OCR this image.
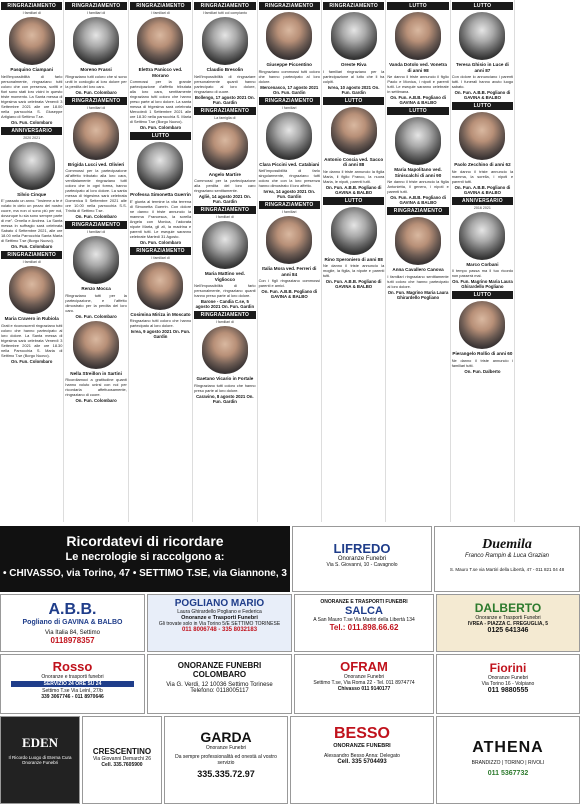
RINGRAZIAMENTO
I familiari di
Pasquino Ciampani
Nell'impossibilità di farlo personalmente, ringraziano tutti coloro che con presenza, scritti e fiori sono stati loro vicini in questo triste momento. La Santa messa di trigesima sarà celebrata Venerdì 3 Settembre 2021 alle ore 18.00 nella parrocchia S. Giuseppe Artigiano di Settimo T.se.
On. Fun. Colombaro
ANNIVERSARIO
2020 2021
Silvio Cinque
E' passato un anno. "Insieme a te è volato in cielo un pezzo del nostro cuore, ma non ci sono più per noi, dovunque tu sia sono sempre parte di me". Ornella e Andrea. La Santa messa in suffragio sarà celebrata Sabato 4 Settembre 2021, alle ore 18.00 nella Parrocchia Santa Maria di Settimo T.se (Borgo Nuovo).
On. Fun. Colombaro
RINGRAZIAMENTO
I familiari di
Maria Cravero in Rubiola
Grati e riconoscenti ringraziano tutti coloro che hanno partecipato al loro dolore. La Santa messa di trigesima sarà celebrata Venerdì 3 Settembre 2021 alle ore 18.30 nella Parrocchia S. Maria di Settimo T.se (Borgo Nuovo).
On. Fun. Colombaro
RINGRAZIAMENTO
I familiari di
Moreno Frassi
Ringraziano tutti coloro che si sono uniti in cordoglio al loro dolore per la perdita del loro caro.
On. Fun. Colombaro
RINGRAZIAMENTO
I familiari di
Brigida Lucci ved. Olivieri
Commossi per la partecipazione all'affetto tributato alla loro cara, ventilatamente ringraziano tutti coloro che in ogni forma, hanno partecipato al loro dolore. La santa messa di trigesima sarà celebrata Domenica 5 Settembre 2021 alle ore 10.00 nella parrocchia S.S. Trinità di Settimo T.se.
On. Fun. Colombaro
RINGRAZIAMENTO
I familiari di
Renzo Mocca
Ringraziano tutti per la partecipazione, e l'affetto dimostrato per la perdita del loro caro.
On. Fun. Colombaro
Nella Streillon in Sartini
Ricordiamoci a gratitudine quanti hanno voluto unirsi con noi per ricordarla affettuosamente, ringraziano di cuore.
On. Fun. Colombaro
RINGRAZIAMENTO
I familiari di
Elettra Panicco ved. Morano
Commossi per la grande partecipazione d'affetto tributata alla loro cara, sentitamente ringraziano tutti coloro che hanno preso parte al loro dolore. La santa messa di trigesima sarà celebrata Mercoledì 1 Settembre 2021 alle ore 18.30 nella parrocchia S. Maria di Settimo T.se (Borgo Nuovo).
On. Fun. Colombaro
LUTTO
Professa Simonetta Guerrin
E' giunta al termine la vita terrena di Simonetta Guerrin. Con dolore ne danno il triste annuncio la mamma Francesca, la sorella Angela con Monica, l'adorata nipote Marta, gli zii, la madrina e parenti tutti. Le esequie saranno celebrate Martedì 31 Agosto.
On. Fun. Colombaro
RINGRAZIAMENTO
I familiari di
Cosimina Miriza in Moscato
Ringraziano tutti coloro che hanno partecipato al loro dolore.
Ivrea, 9 agosto 2021 On. Fun. Gardin
RINGRAZIAMENTO
I familiari tutti col compianto
Claudio Bresolin
Nell'impossibilità di ringraziare personalmente quanti hanno partecipato al loro dolore, ringraziano di cuore.
Bollengo, 17 agosto 2021 On. Fun. Gardin
RINGRAZIAMENTO
La famiglia di
Angelo Martire
Commossi per la partecipazione alla perdita del loro caro ringraziano sentitamente.
Agliè, 14 agosto 2021 On. Fun. Gardin
RINGRAZIAMENTO
I familiari di
Maria Mattino ved. Vigliocco
Nell'impossibilità di farlo personalmente, ringraziano quanti hanno preso parte al loro dolore.
Barone - Candia C.se, 5 agosto 2021 On. Fun. Gardin
RINGRAZIAMENTO
I familiari di
Gaetano Vicario in Fortale
Ringraziano tutti coloro che hanno preso parte al loro dolore.
Caravino, 8 agosto 2021 On. Fun. Gardin
RINGRAZIAMENTO
Giuseppe Piccentino
Ringraziano commossi tutti coloro che hanno partecipato al loro dolore.
Mercenasco, 17 agosto 2021 On. Fun. Gardin
RINGRAZIAMENTO
I familiari
Clara Piccini ved. Catabiani
Nell'impossibilità di farlo singolarmente, ringraziano tutti coloro che con la loro presenza hanno dimostrato il loro affetto.
Ivrea, 14 agosto 2021 On. Fun. Gardin
RINGRAZIAMENTO
I familiari
Italia Mora ved. Ferreri di anni 84
Con i figli ringraziano commossi parenti e amici.
On. Fun. A.B.B. Pogliano di GAVINA & BALBO
RINGRAZIAMENTO
Oreste Riva
I familiari ringraziano per la partecipazione al lutto che li ha colpiti.
Ivrea, 10 agosto 2021 On. Fun. Gardin
LUTTO
Antonio Coscia ved. Sacco di anni 88
Ne danno il triste annuncio la figlia Maria, il figlio Franco, la nuora Maria, le nipoti, parenti tutti.
On. Fun. A.B.B. Pogliano di GAVINA & BALBO
LUTTO
Rino Speroniero di anni 88
Ne danno il triste annuncio la moglie, la figlia, la nipote e parenti tutti.
On. Fun. A.B.B. Pogliano di GAVINA & BALBO
LUTTO
Vanda Dotolo ved. Vonetra di anni 98
Ne danno il triste annuncio il figlio Paolo e Monica, i nipoti e parenti tutti. Le esequie saranno celebrate in settimana.
On. Fun. A.B.B. Pogliano di GAVINA & BALBO
LUTTO
Maria Napolitano ved. Siniscalchi di anni 90
Ne danno il triste annuncio la figlia Antonietta, il genero, i nipoti e parenti tutti.
On. Fun. A.B.B. Pogliano di GAVINA & BALBO
RINGRAZIAMENTO
Anna Cavallero Canova
I familiari ringraziano sentitamente tutti coloro che hanno partecipato al loro dolore.
On. Fun. Magrino Maria Laura Ghirardello Pogliano
LUTTO
Teresa Ghisio in Luce di anni 87
Con dolore lo annunciano i parenti tutti. I funerali hanno avuto luogo sabato.
On. Fun. A.B.B. Pogliano di GAVINA & BALBO
LUTTO
Paolo Zecchino di anni 62
Ne danno il triste annuncio la mamma, la sorella, i nipoti e parenti tutti.
On. Fun. A.B.B. Pogliano di GAVINA & BALBO
ANNIVERSARIO
2016 2021
Marco Corbani
Il tempo passa ma il tuo ricordo non passerà mai.
On. Fun. Magrino Maria Laura Ghirardello Pogliano
LUTTO
Pierangelo Rollio di anni 60
Ne danno il triste annuncio i familiari tutti.
On. Fun. Dalberto
Ricordatevi di ricordare
Le necrologie si raccolgono a:
• CHIVASSO, via Torino, 47 • SETTIMO T.SE, via Giannone, 3
LIFREDO
Onoranze Funebri
Via S. Giovanni, 10 - Cavagnolo
Duemila
Franco Rampin & Luca Grazian
S. Mauro T.se via Martiri della Libertà, 47 - 011 821 04 48
A.B.B.
Pogliano di GAVINA & BALBO
Via Italia 84, Settimo
0118978357
POGLIANO MARIO
Laura Ghirardello Pogliano e Federica
Onoranze e Trasporti Funebri
Gli trovate solo in Via Torino 5/E SETTIMO TORINESE
011 8006748 - 335 8032183
ONORANZE E TRASPORTI FUNEBRI
SALCA
A San Mauro T.se Via Martiri della Libertà 134
Tel.: 011.898.66.62
DALBERTO
Onoranze e Trasporti Funebri
IVREA - PIAZZA C. FREGUGLIA, 5
0125 641346
Rosso
Onoranze e trasporti funebri
SERVIZIO 24 ORE SU 24
Settimo T.se Via Leinì, 27/b
339 3067746 - 011 8970646
ONORANZE FUNEBRI COLOMBARO
Via G. Verdi, 12 10036 Settimo Torinese
Telefono: 0118005117
OFRAM
Onoranze Funebri
Settimo T.se, Via Roma 22 - Tel. 011 8974774
Chivasso 011 9140177
Fiorini
Onoranze Funebri
Via Torino 16 - Volpiano
011 9880555
EDEN
Il Ricordo Luogo di Eterna Cura
Onoranze Funebri
CRESCENTINO
Via Giovanni Demarchi 26
Cell. 335.7605900
GARDA
Onoranze Funebri
Da sempre professionalità ed onestà al vostro servizio
335.335.72.97
BESSO
ONORANZE FUNEBRI
Alessandro Besso Anna: Delegato
Cell. 335 5704493
ATHENA
BRANDIZZO | TORINO | RIVOLI
011 5367732
